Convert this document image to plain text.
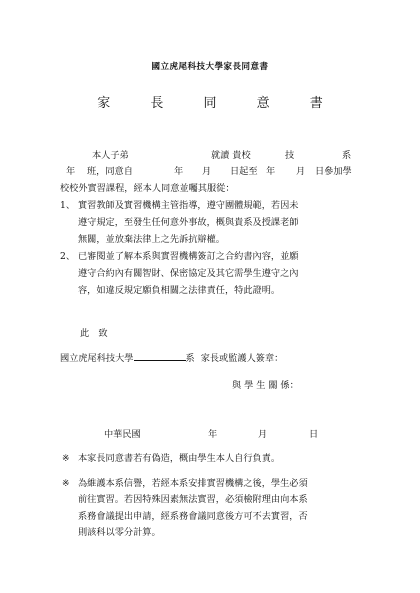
國立虎尾科技大學家長同意書
家 長 同 意 書
本人子弟	就讀 貴校	技	系
年 班，同意自	年 月 日起至 年 月 日參加學
校校外實習課程，經本人同意並囑其服從：
1、 實習教師及實習機構主管指導，遵守團體規範，若因未
遵守規定，至發生任何意外事故，概與貴系及授課老師
無關，並放棄法律上之先訴抗辯權。
2、 已審閱並了解本系與實習機構簽訂之合約書內容，並願
遵守合約內有關智財、保密協定及其它需學生遵守之內
容，如違反規定願負相關之法律責任，特此證明。
此　致
國立虎尾科技大學	系 家長或監護人簽章：
與 學 生 關 係：
中華民國	年	月	日
※ 本家長同意書若有偽造，概由學生本人自行負責。
※ 為維護本系信譽，若經本系安排實習機構之後，學生必須
前往實習。若因特殊因素無法實習，必須檢附理由向本系
系務會議提出申請，經系務會議同意後方可不去實習，否
則該科以零分計算。
